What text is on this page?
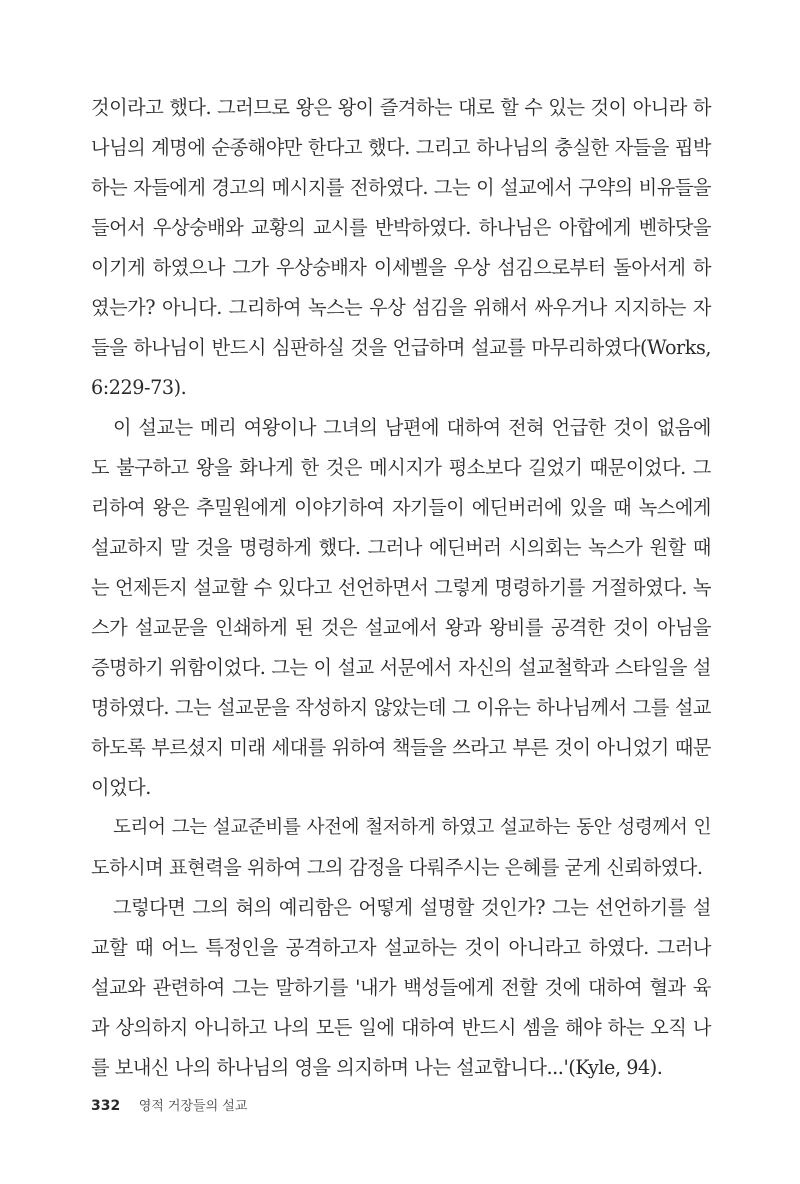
것이라고 했다. 그러므로 왕은 왕이 즐겨하는 대로 할 수 있는 것이 아니라 하
나님의 계명에 순종해야만 한다고 했다. 그리고 하나님의 충실한 자들을 핍박
하는 자들에게 경고의 메시지를 전하였다. 그는 이 설교에서 구약의 비유들을
들어서 우상숭배와 교황의 교시를 반박하였다. 하나님은 아합에게 벤하닷을
이기게 하였으나 그가 우상숭배자 이세벨을 우상 섬김으로부터 돌아서게 하
였는가? 아니다. 그리하여 녹스는 우상 섬김을 위해서 싸우거나 지지하는 자
들을 하나님이 반드시 심판하실 것을 언급하며 설교를 마무리하였다(Works,
6:229-73).
이 설교는 메리 여왕이나 그녀의 남편에 대하여 전혀 언급한 것이 없음에
도 불구하고 왕을 화나게 한 것은 메시지가 평소보다 길었기 때문이었다. 그
리하여 왕은 추밀원에게 이야기하여 자기들이 에딘버러에 있을 때 녹스에게
설교하지 말 것을 명령하게 했다. 그러나 에딘버러 시의회는 녹스가 원할 때
는 언제든지 설교할 수 있다고 선언하면서 그렇게 명령하기를 거절하였다. 녹
스가 설교문을 인쇄하게 된 것은 설교에서 왕과 왕비를 공격한 것이 아님을
증명하기 위함이었다. 그는 이 설교 서문에서 자신의 설교철학과 스타일을 설
명하였다. 그는 설교문을 작성하지 않았는데 그 이유는 하나님께서 그를 설교
하도록 부르셨지 미래 세대를 위하여 책들을 쓰라고 부른 것이 아니었기 때문
이었다.
도리어 그는 설교준비를 사전에 철저하게 하였고 설교하는 동안 성령께서 인
도하시며 표현력을 위하여 그의 감정을 다뤄주시는 은혜를 굳게 신뢰하였다.
그렇다면 그의 혀의 예리함은 어떻게 설명할 것인가? 그는 선언하기를 설
교할 때 어느 특정인을 공격하고자 설교하는 것이 아니라고 하였다. 그러나
설교와 관련하여 그는 말하기를 '내가 백성들에게 전할 것에 대하여 혈과 육
과 상의하지 아니하고 나의 모든 일에 대하여 반드시 셈을 해야 하는 오직 나
를 보내신 나의 하나님의 영을 의지하며 나는 설교합니다...'(Kyle, 94).
332 영적 거장들의 설교
